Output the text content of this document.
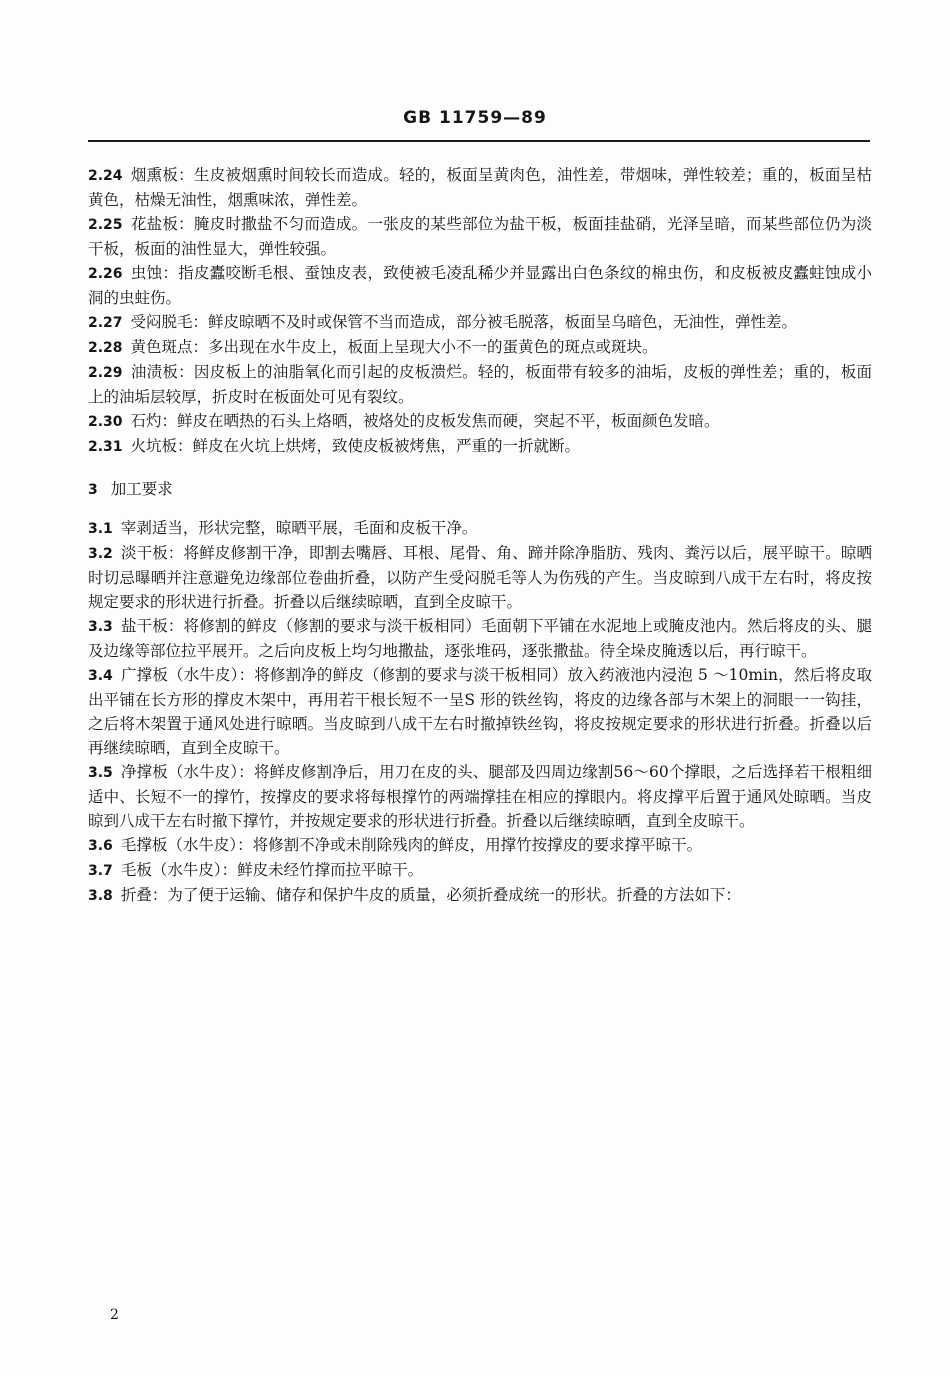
GB 11759—89

2.24 烟熏板：生皮被烟熏时间较长而造成。轻的，板面呈黄肉色，油性差，带烟味，弹性较差；重的，板面呈枯黄色，枯燥无油性，烟熏味浓，弹性差。

2.25 花盐板：腌皮时撒盐不匀而造成。一张皮的某些部位为盐干板，板面挂盐硝，光泽呈暗，而某些部位仍为淡干板，板面的油性显大，弹性较强。

2.26 虫蚀：指皮蠹咬断毛根、蚕蚀皮表，致使被毛凌乱稀少并显露出白色条纹的棉虫伤，和皮板被皮蠹蛀蚀成小洞的虫蛀伤。

2.27 受闷脱毛：鲜皮晾晒不及时或保管不当而造成，部分被毛脱落，板面呈乌暗色，无油性，弹性差。

2.28 黄色斑点：多出现在水牛皮上，板面上呈现大小不一的蛋黄色的斑点或斑块。

2.29 油渍板：因皮板上的油脂氧化而引起的皮板溃烂。轻的，板面带有较多的油垢，皮板的弹性差；重的，板面上的油垢层较厚，折皮时在板面处可见有裂纹。

2.30 石灼：鲜皮在晒热的石头上烙晒，被烙处的皮板发焦而硬，突起不平，板面颜色发暗。

2.31 火坑板：鲜皮在火坑上烘烤，致使皮板被烤焦，严重的一折就断。

3 加工要求

3.1 宰剥适当，形状完整，晾晒平展，毛面和皮板干净。

3.2 淡干板：将鲜皮修割干净，即割去嘴唇、耳根、尾骨、角、蹄并除净脂肪、残肉、粪污以后，展平晾干。晾晒时切忌曝晒并注意避免边缘部位卷曲折叠，以防产生受闷脱毛等人为伤残的产生。当皮晾到八成干左右时，将皮按规定要求的形状进行折叠。折叠以后继续晾晒，直到全皮晾干。

3.3 盐干板：将修割的鲜皮（修割的要求与淡干板相同）毛面朝下平铺在水泥地上或腌皮池内。然后将皮的头、腿及边缘等部位拉平展开。之后向皮板上均匀地撒盐，逐张堆码，逐张撒盐。待全垛皮腌透以后，再行晾干。

3.4 广撑板（水牛皮）：将修割净的鲜皮（修割的要求与淡干板相同）放入药液池内浸泡 5 ～10min，然后将皮取出平铺在长方形的撑皮木架中，再用若干根长短不一呈S 形的铁丝钩，将皮的边缘各部与木架上的洞眼一一钩挂，之后将木架置于通风处进行晾晒。当皮晾到八成干左右时撤掉铁丝钩，将皮按规定要求的形状进行折叠。折叠以后再继续晾晒，直到全皮晾干。

3.5 净撑板（水牛皮）：将鲜皮修割净后，用刀在皮的头、腿部及四周边缘割56～60个撑眼，之后选择若干根粗细适中、长短不一的撑竹，按撑皮的要求将每根撑竹的两端撑挂在相应的撑眼内。将皮撑平后置于通风处晾晒。当皮晾到八成干左右时撤下撑竹，并按规定要求的形状进行折叠。折叠以后继续晾晒，直到全皮晾干。

3.6 毛撑板（水牛皮）：将修割不净或未削除残肉的鲜皮，用撑竹按撑皮的要求撑平晾干。

3.7 毛板（水牛皮）：鲜皮未经竹撑而拉平晾干。

3.8 折叠：为了便于运输、储存和保护牛皮的质量，必须折叠成统一的形状。折叠的方法如下：

2
